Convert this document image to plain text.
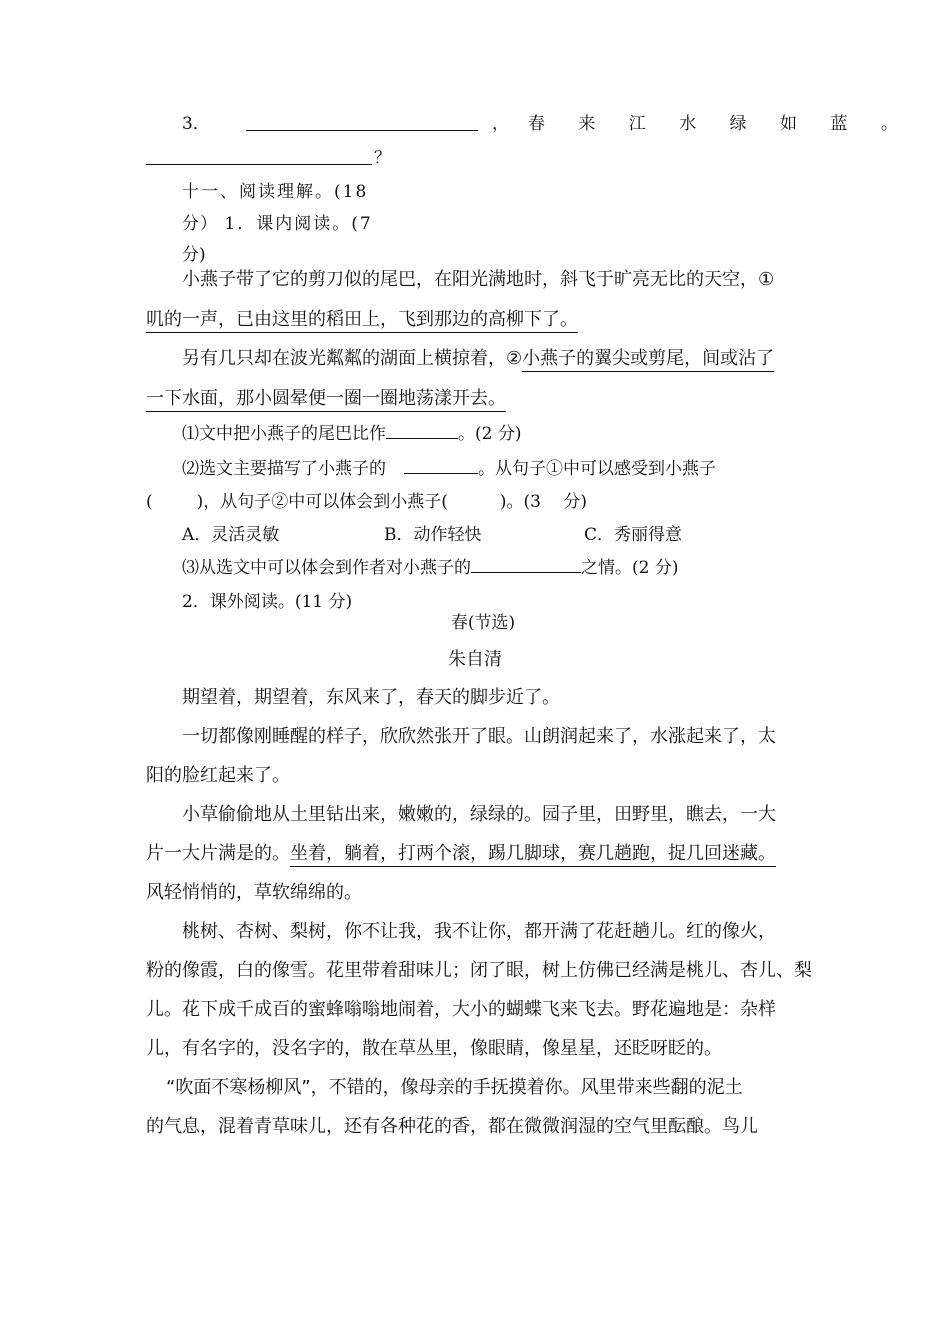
3．	， 春 来 江 水 绿 如 蓝 。
？
十一、阅读理解。(18
分） 1．课内阅读。(7
分)
小燕子带了它的剪刀似的尾巴，在阳光满地时，斜飞于旷亮无比的天空，①
叽的一声，已由这里的稻田上，飞到那边的高柳下了。
另有几只却在波光粼粼的湖面上横掠着，②小燕子的翼尖或剪尾，间或沾了
一下水面，那小圆晕便一圈一圈地荡漾开去。
⑴文中把小燕子的尾巴比作	。(2 分)
⑵选文主要描写了小燕子的	。从句子①中可以感受到小燕子
(	)，从句子②中可以体会到小燕子(	)。(3　 分)
A．灵活灵敏	B．动作轻快	C．秀丽得意
⑶从选文中可以体会到作者对小燕子的	之情。(2 分)
2．课外阅读。(11 分)
春(节选)
朱自清
期望着，期望着，东风来了，春天的脚步近了。
一切都像刚睡醒的样子，欣欣然张开了眼。山朗润起来了，水涨起来了，太
阳的脸红起来了。
小草偷偷地从土里钻出来，嫩嫩的，绿绿的。园子里，田野里，瞧去，一大
片一大片满是的。坐着，躺着，打两个滚，踢几脚球，赛几趟跑，捉几回迷藏。
风轻悄悄的，草软绵绵的。
桃树、杏树、梨树，你不让我，我不让你，都开满了花赶趟儿。红的像火，
粉的像霞，白的像雪。花里带着甜味儿；闭了眼，树上仿佛已经满是桃儿、杏儿、梨
儿。花下成千成百的蜜蜂嗡嗡地闹着，大小的蝴蝶飞来飞去。野花遍地是：杂样
儿，有名字的，没名字的，散在草丛里，像眼睛，像星星，还眨呀眨的。
“吹面不寒杨柳风”，不错的，像母亲的手抚摸着你。风里带来些翻的泥土
的气息，混着青草味儿，还有各种花的香，都在微微润湿的空气里酝酿。鸟儿
